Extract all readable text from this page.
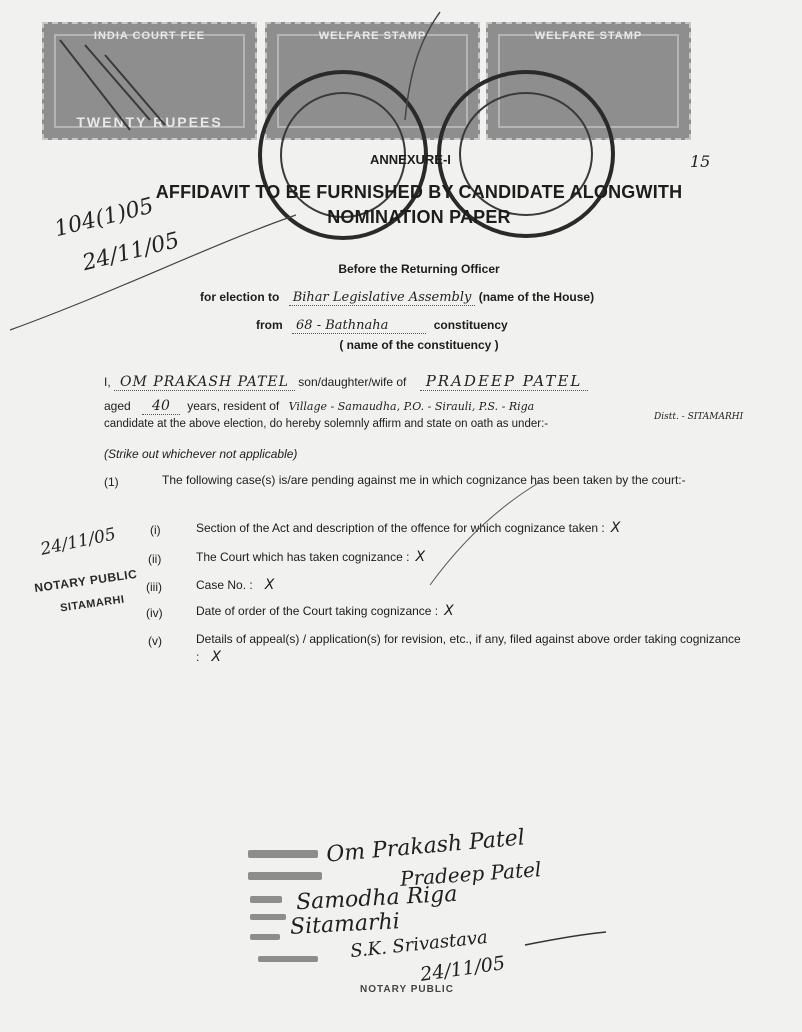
INDIA COURT FEE
TWENTY RUPEES
WELFARE STAMP	WELFARE STAMP
15
ANNEXURE-I
AFFIDAVIT TO BE FURNISHED BY CANDIDATE ALONGWITH
NOMINATION PAPER
104(1)05
24/11/05	Before the Returning Officer
for election to Bihar Legislative Assembly (name of the House)
from 68 - Bathnaha	constituency
( name of the constituency )
I, OM PRAKASH PATEL son/daughter/wife of PRADEEP PATEL
aged 40 years, resident of Village - Samaudha, P.O. - Sirauli, P.S. - Riga
Distt. - SITAMARHI
candidate at the above election, do hereby solemnly affirm and state on oath as under:-
(Strike out whichever not applicable)
(1)	The following case(s) is/are pending against me in which cognizance has been taken by the court:-
(i)	Section of the Act and description of the offence for which cognizance taken : X
(ii)	The Court which has taken cognizance : X
(iii)	Case No. : X
(iv)	Date of order of the Court taking cognizance : X
(v)	Details of appeal(s) / application(s) for revision, etc., if any, filed against above order taking cognizance : X
24/11/05
NOTARY PUBLIC
SITAMARHI
Om Prakash Patel
Pradeep Patel
Samodha Riga
Sitamarhi
S.K. Srivastava
24/11/05
NOTARY PUBLIC
